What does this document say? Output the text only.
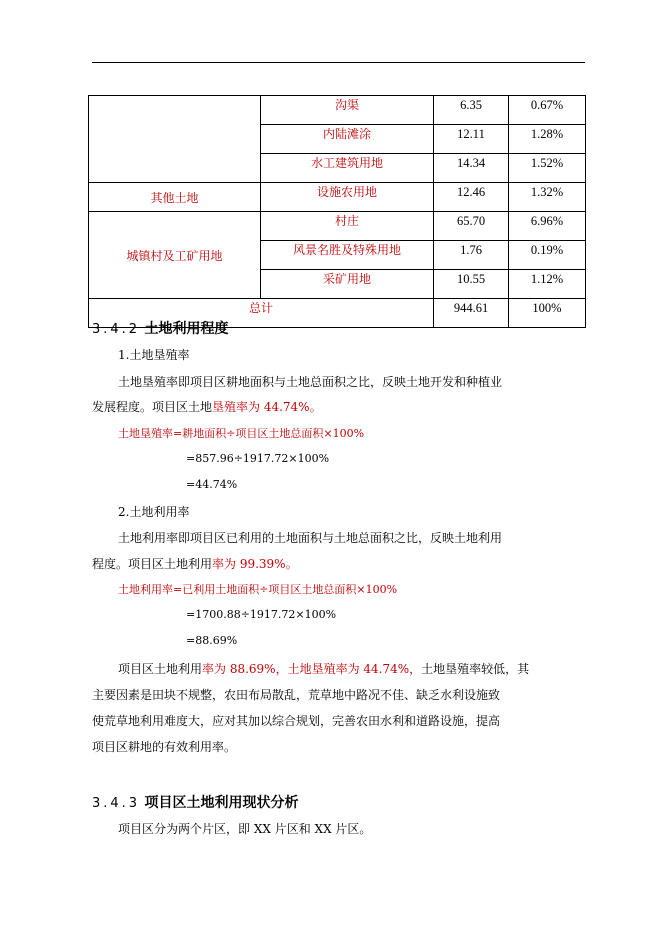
	沟渠	6.35	0.67%
	内陆滩涂	12.11	1.28%
	水工建筑用地	14.34	1.52%
其他土地	设施农用地	12.46	1.32%
城镇村及工矿用地	村庄	65.70	6.96%
	风景名胜及特殊用地	1.76	0.19%
	采矿用地	10.55	1.12%
总计		944.61	100%
3.4.2 土地利用程度
1.土地垦殖率
土地垦殖率即项目区耕地面积与土地总面积之比，反映土地开发和种植业
发展程度。项目区土地垦殖率为 44.74%。
土地垦殖率=耕地面积÷项目区土地总面积×100%
=857.96÷1917.72×100%
=44.74%
2.土地利用率
土地利用率即项目区已利用的土地面积与土地总面积之比，反映土地利用
程度。项目区土地利用率为 99.39%。
土地利用率=已利用土地面积÷项目区土地总面积×100%
=1700.88÷1917.72×100%
=88.69%
项目区土地利用率为 88.69%，土地垦殖率为 44.74%，土地垦殖率较低，其
主要因素是田块不规整，农田布局散乱，荒草地中路况不佳、缺乏水利设施致
使荒草地利用难度大，应对其加以综合规划，完善农田水利和道路设施，提高
项目区耕地的有效利用率。
3.4.3 项目区土地利用现状分析
项目区分为两个片区，即 XX 片区和 XX 片区。
